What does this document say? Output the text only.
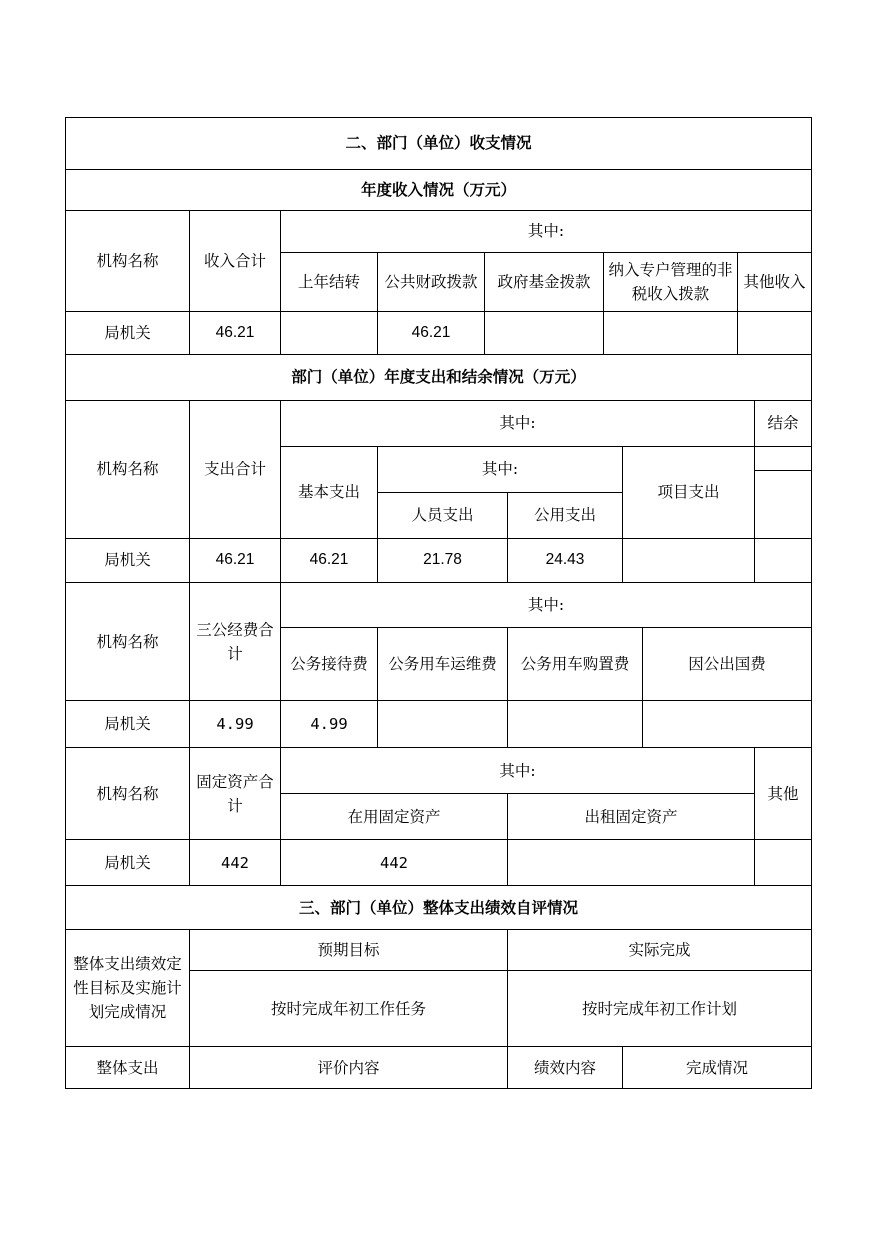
二、部门（单位）收支情况											
年度收入情况（万元）											
机构名称	收入合计	其中:									
		上年结转	公共财政拨款	政府基金拨款		纳入专户管理的非税收入拨款			其他收入		
局机关	46.21		46.21								
部门（单位）年度支出和结余情况（万元）											
机构名称	支出合计	其中:								结余	
		基本支出	其中:				项目支出				

			人员支出		公用支出						
局机关	46.21	46.21	21.78		24.43						
机构名称	三公经费合计	其中:									
		公务接待费	公务用车运维费		公务用车购置费			因公出国费	
局机关	4.99	4.99									
机构名称	固定资产合计	其中:								其他	
		在用固定资产			出租固定资产						
局机关	442	442									
三、部门（单位）整体支出绩效自评情况											
整体支出绩效定性目标及实施计划完成情况	预期目标				实际完成						
	按时完成年初工作任务				按时完成年初工作计划						
整体支出	评价内容				绩效内容		完成情况				
